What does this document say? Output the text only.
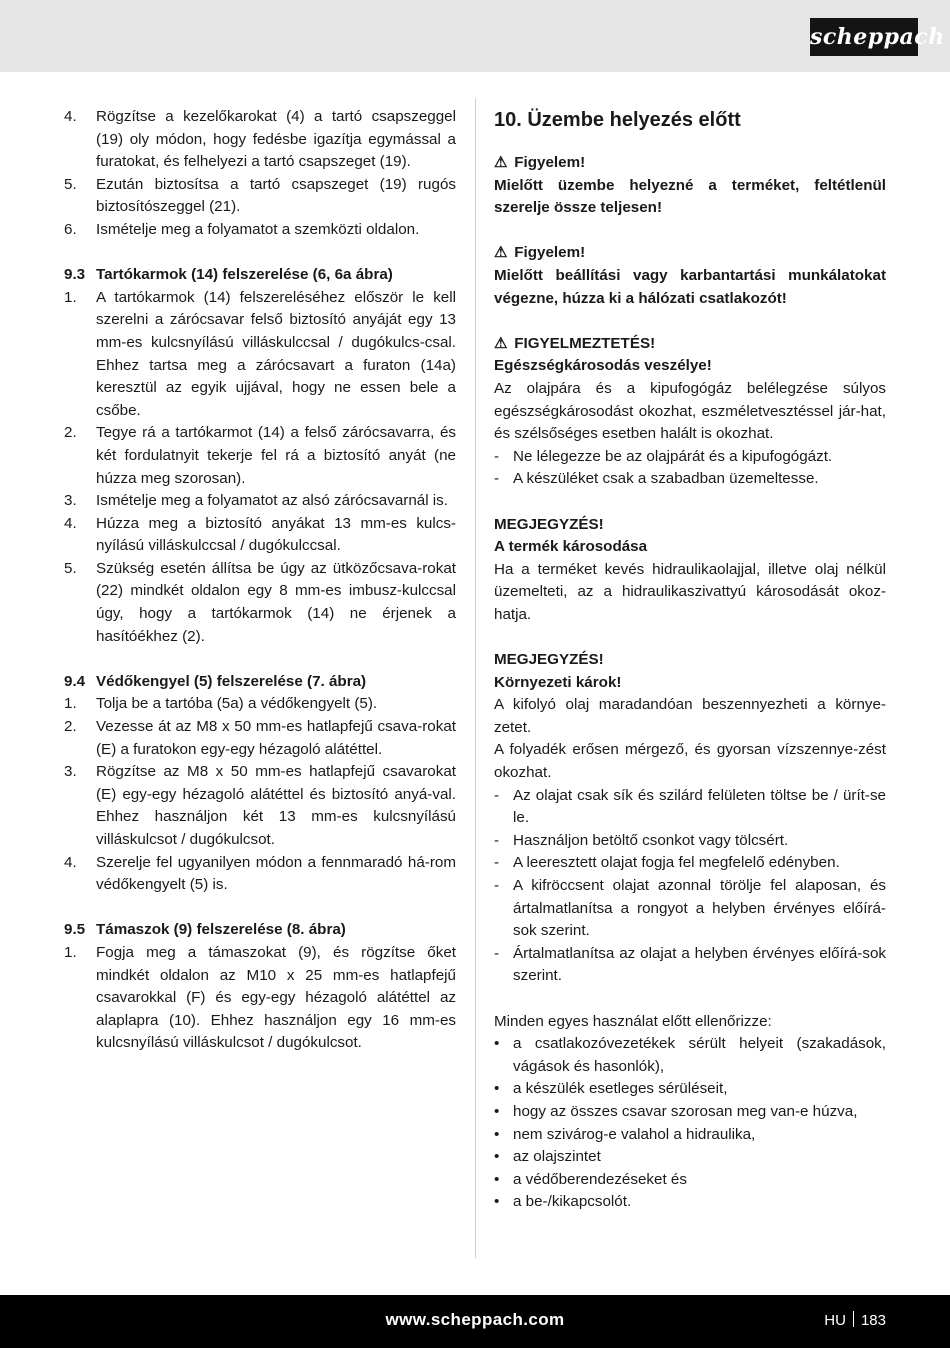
scheppach
4. Rögzítse a kezelőkarokat (4) a tartó csapszeggel (19) oly módon, hogy fedésbe igazítja egymással a furatokat, és felhelyezi a tartó csapszeget (19).
5. Ezután biztosítsa a tartó csapszeget (19) rugós biztosítószeggel (21).
6. Ismételje meg a folyamatot a szemközti oldalon.
9.3 Tartókarmok (14) felszerelése (6, 6a ábra)
1. A tartókarmok (14) felszereléséhez először le kell szerelni a zárócsavar felső biztosító anyáját egy 13 mm-es kulcsnyílású villáskulccsal / dugókulcs-csal. Ehhez tartsa meg a zárócsavart a furaton (14a) keresztül az egyik ujjával, hogy ne essen bele a csőbe.
2. Tegye rá a tartókarmot (14) a felső zárócsavarra, és két fordulatnyit tekerje fel rá a biztosító anyát (ne húzza meg szorosan).
3. Ismételje meg a folyamatot az alsó zárócsavarnál is.
4. Húzza meg a biztosító anyákat 13 mm-es kulcs-nyílású villáskulccsal / dugókulccsal.
5. Szükség esetén állítsa be úgy az ütközőcsava-rokat (22) mindkét oldalon egy 8 mm-es imbusz-kulccsal úgy, hogy a tartókarmok (14) ne érjenek a hasítóékhez (2).
9.4 Védőkengyel (5) felszerelése (7. ábra)
1. Tolja be a tartóba (5a) a védőkengyelt (5).
2. Vezesse át az M8 x 50 mm-es hatlapfejű csava-rokat (E) a furatokon egy-egy hézagoló alátéttel.
3. Rögzítse az M8 x 50 mm-es hatlapfejű csavarokat (E) egy-egy hézagoló alátéttel és biztosító anyá-val. Ehhez használjon két 13 mm-es kulcsnyílású villáskulcsot / dugókulcsot.
4. Szerelje fel ugyanilyen módon a fennmaradó há-rom védőkengyelt (5) is.
9.5 Támaszok (9) felszerelése (8. ábra)
1. Fogja meg a támaszokat (9), és rögzítse őket mindkét oldalon az M10 x 25 mm-es hatlapfejű csavarokkal (F) és egy-egy hézagoló alátéttel az alaplapra (10). Ehhez használjon egy 16 mm-es kulcsnyílású villáskulcsot / dugókulcsot.
10. Üzembe helyezés előtt
⚠ Figyelem!
Mielőtt üzembe helyezné a terméket, feltétlenül szerelje össze teljesen!
⚠ Figyelem!
Mielőtt beállítási vagy karbantartási munkálatokat végezne, húzza ki a hálózati csatlakozót!
⚠ FIGYELMEZTETÉS!
Egészségkárosodás veszélye!
Az olajpára és a kipufogógáz belélegzése súlyos egészségkárosodást okozhat, eszméletvesztéssel jár-hat, és szélsőséges esetben halált is okozhat.
- Ne lélegezze be az olajpárát és a kipufogógázt.
- A készüléket csak a szabadban üzemeltesse.
MEGJEGYZÉS!
A termék károsodása
Ha a terméket kevés hidraulikaolajjal, illetve olaj nélkül üzemelteti, az a hidraulikaszivattyú károsodását okoz-hatja.
MEGJEGYZÉS!
Környezeti károk!
A kifolyó olaj maradandóan beszennyezheti a környe-zetet.
A folyadék erősen mérgező, és gyorsan vízszennye-zést okozhat.
- Az olajat csak sík és szilárd felületen töltse be / ürít-se le.
- Használjon betöltő csonkot vagy tölcsért.
- A leeresztett olajat fogja fel megfelelő edényben.
- A kifröccsent olajat azonnal törölje fel alaposan, és ártalmatlanítsa a rongyot a helyben érvényes előírá-sok szerint.
- Ártalmatlanítsa az olajat a helyben érvényes előírá-sok szerint.
Minden egyes használat előtt ellenőrizze:
• a csatlakozóvezetékek sérült helyeit (szakadások, vágások és hasonlók),
• a készülék esetleges sérüléseit,
• hogy az összes csavar szorosan meg van-e húzva,
• nem szivárog-e valahol a hidraulika,
• az olajszintet
• a védőberendezéseket és
• a be-/kikapcsolót.
www.scheppach.com	HU 183
